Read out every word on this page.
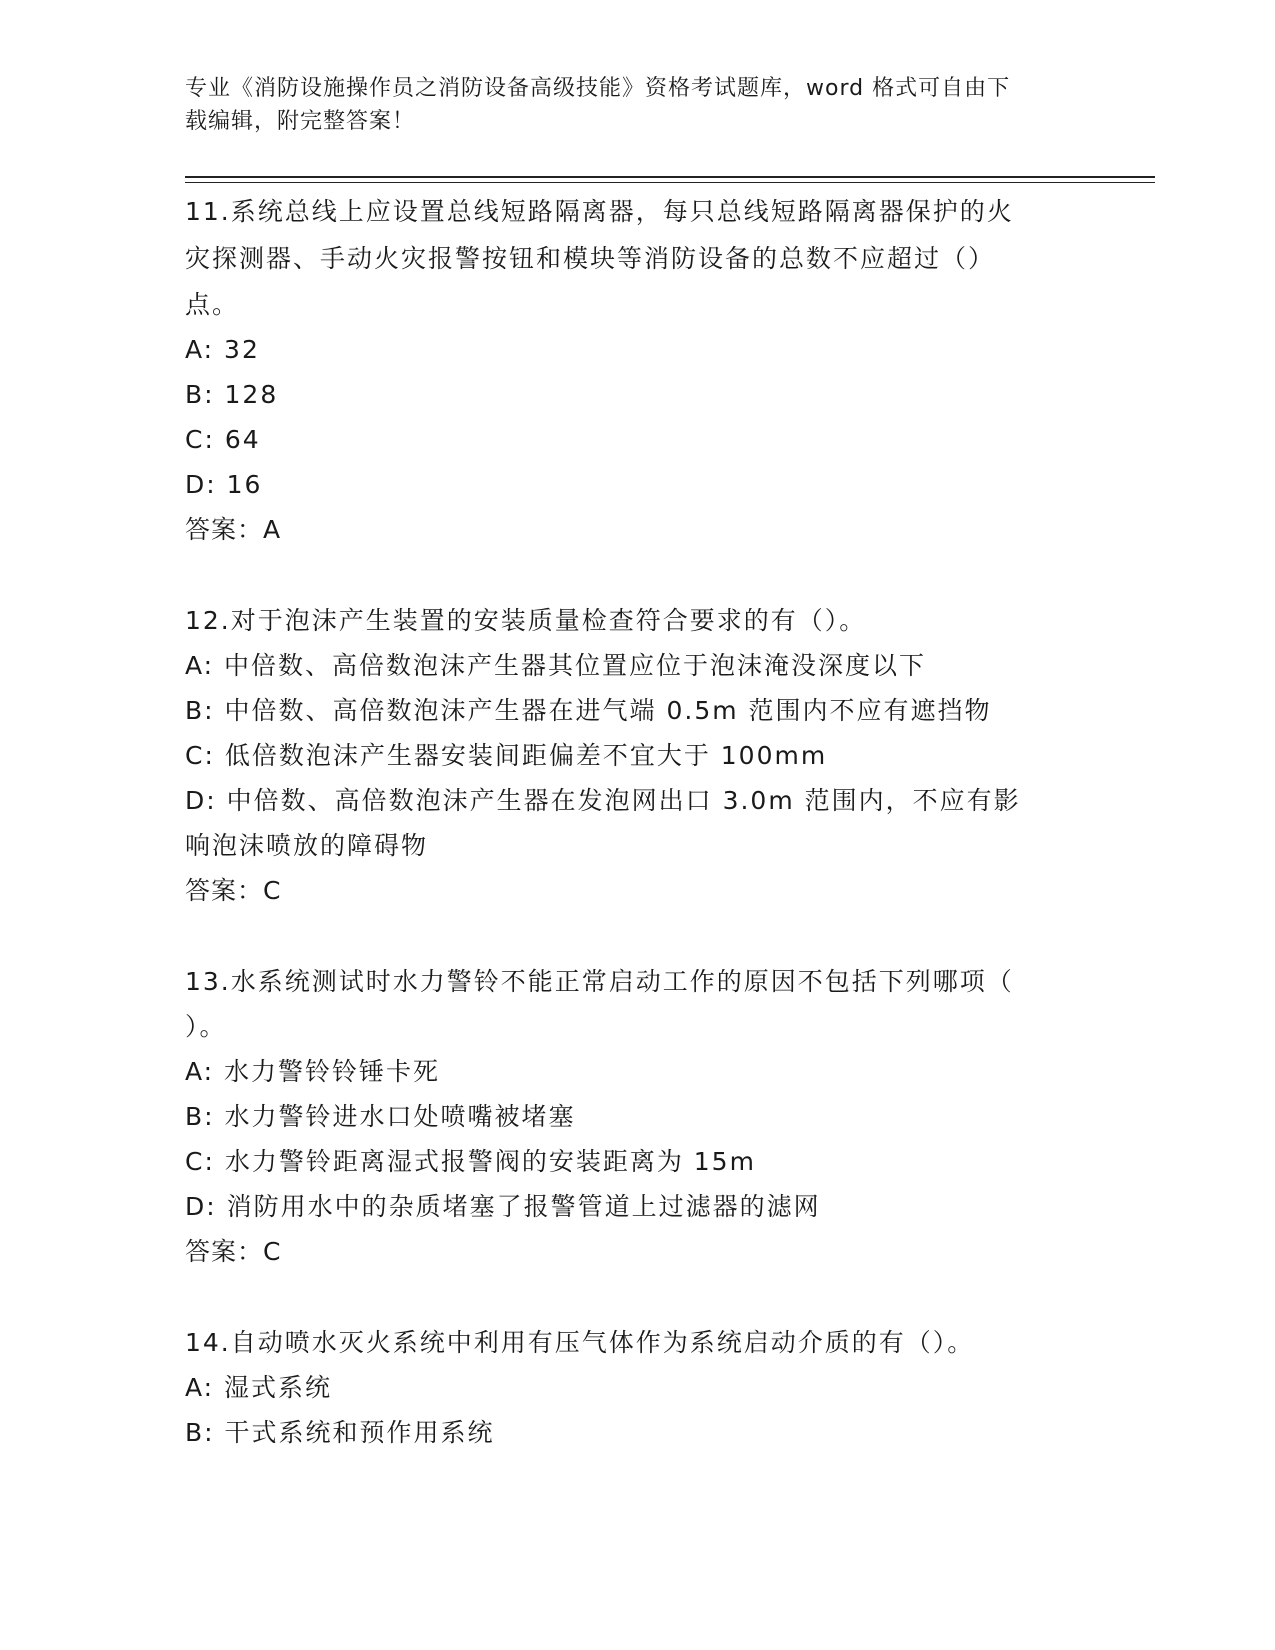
专业《消防设施操作员之消防设备高级技能》资格考试题库，word 格式可自由下
载编辑，附完整答案！
11.系统总线上应设置总线短路隔离器，每只总线短路隔离器保护的火
灾探测器、手动火灾报警按钮和模块等消防设备的总数不应超过（）
点。
A: 32
B: 128
C: 64
D: 16
答案：A
12.对于泡沫产生装置的安装质量检查符合要求的有（）。
A: 中倍数、高倍数泡沫产生器其位置应位于泡沫淹没深度以下
B: 中倍数、高倍数泡沫产生器在进气端 0.5m 范围内不应有遮挡物
C: 低倍数泡沫产生器安装间距偏差不宜大于 100mm
D: 中倍数、高倍数泡沫产生器在发泡网出口 3.0m 范围内，不应有影
响泡沫喷放的障碍物
答案：C
13.水系统测试时水力警铃不能正常启动工作的原因不包括下列哪项（
）。
A: 水力警铃铃锤卡死
B: 水力警铃进水口处喷嘴被堵塞
C: 水力警铃距离湿式报警阀的安装距离为 15m
D: 消防用水中的杂质堵塞了报警管道上过滤器的滤网
答案：C
14.自动喷水灭火系统中利用有压气体作为系统启动介质的有（）。
A: 湿式系统
B: 干式系统和预作用系统
